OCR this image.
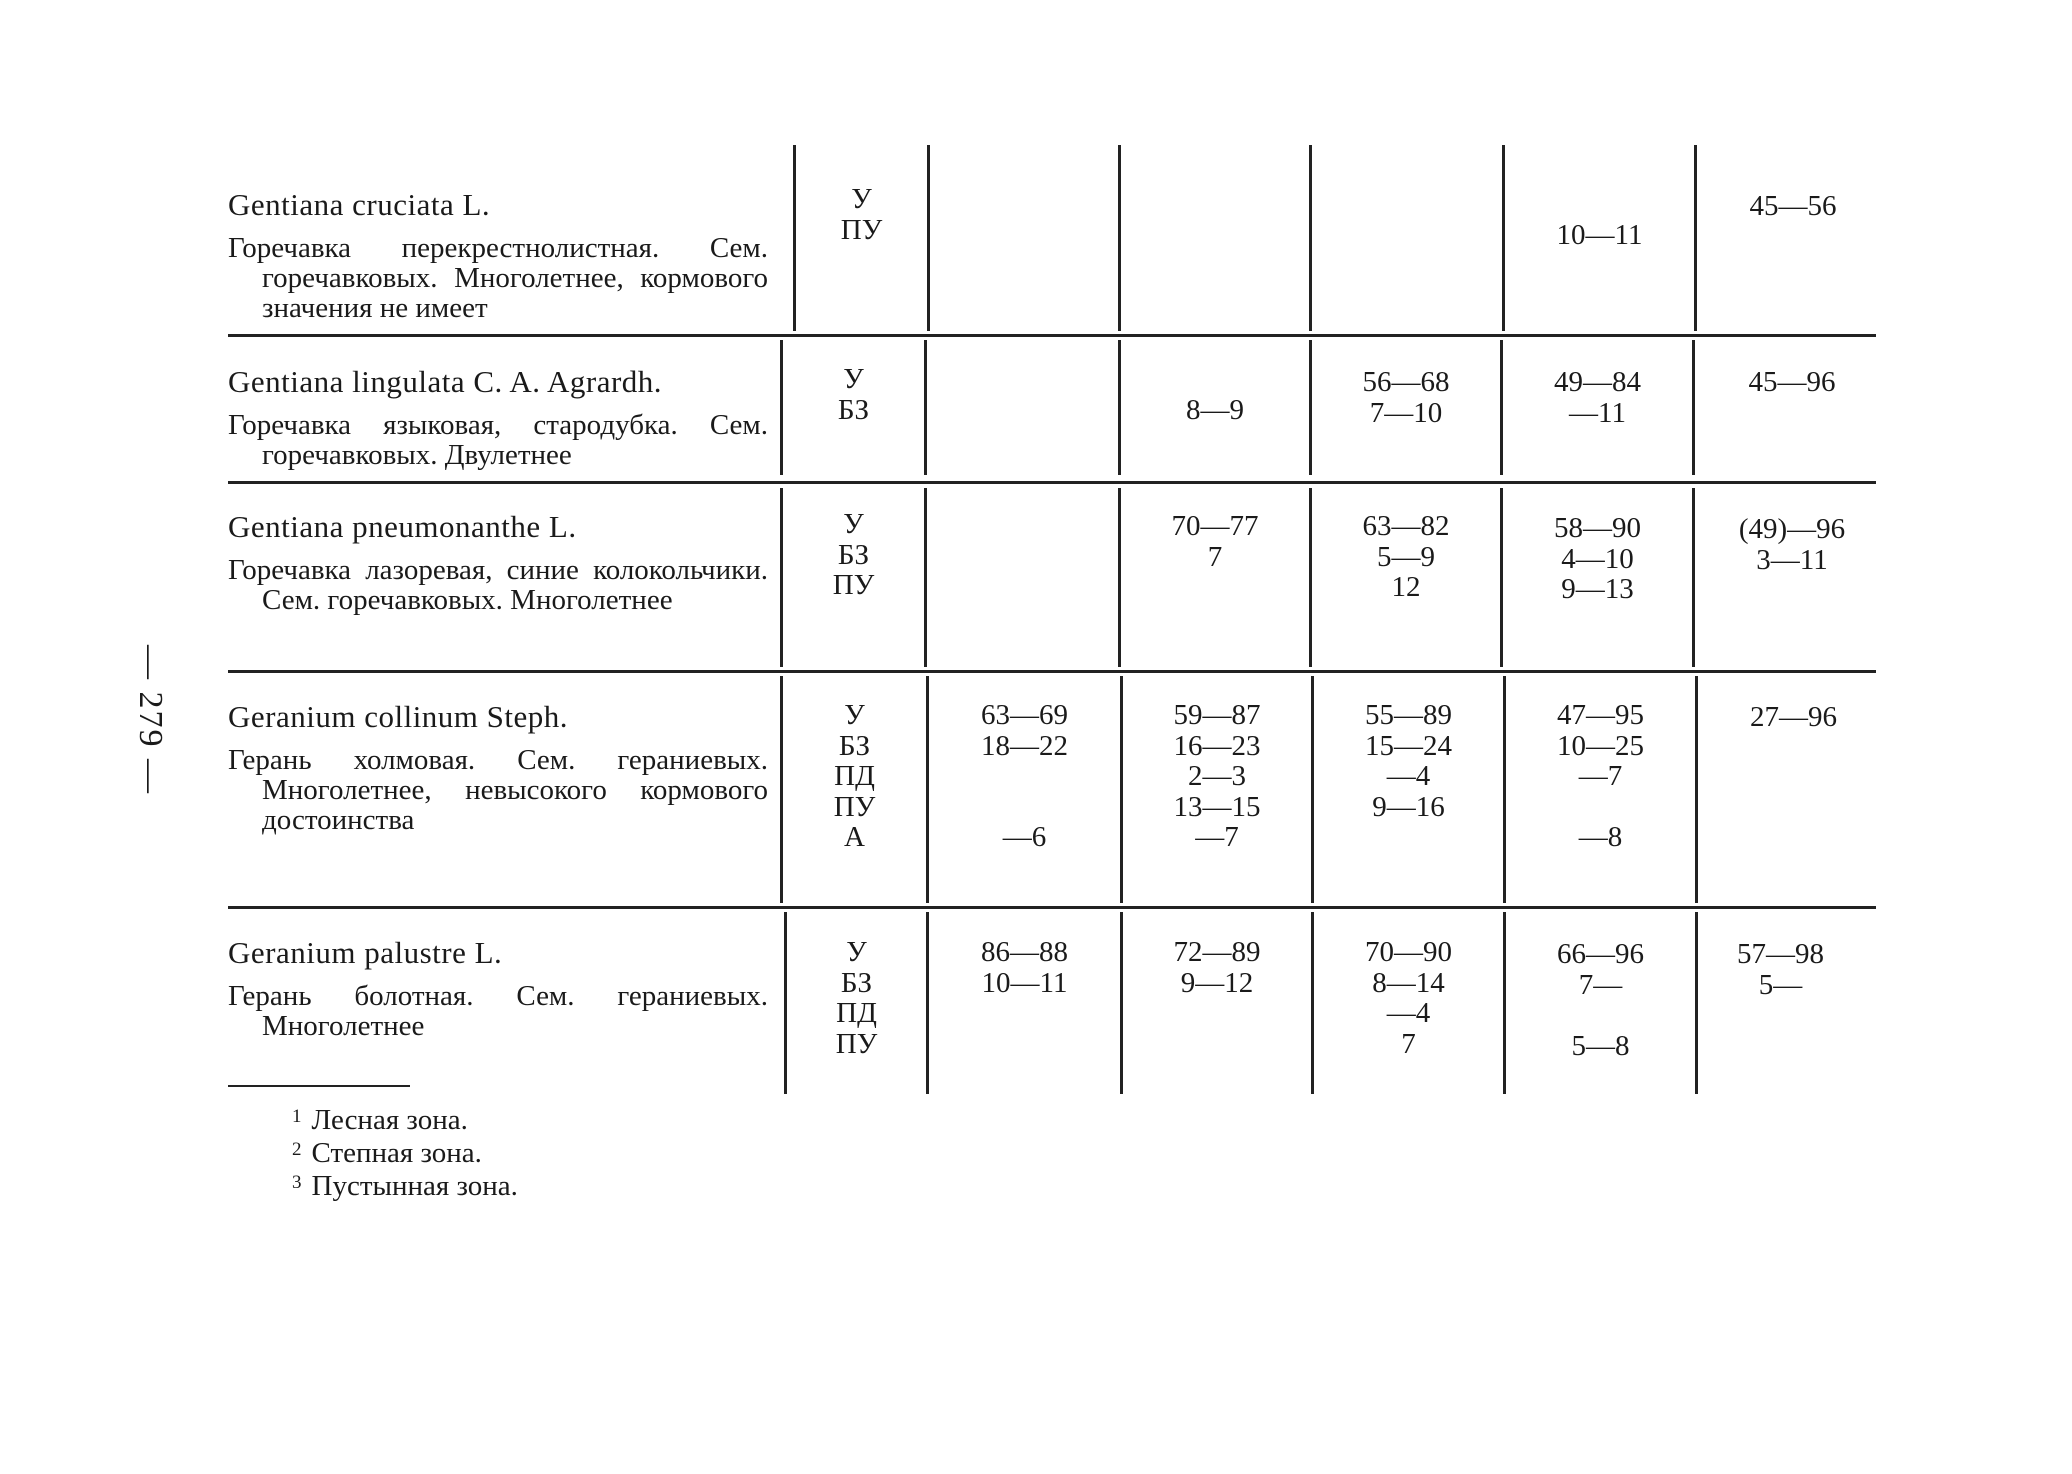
— 279 —
Gentiana cruciata L.
Горечавка перекрестнолистная. Сем. горечавковых. Многолетнее, кормового значения не имеет
У
ПУ	10—11
45—56
Gentiana lingulata C. A. Agrardh.
Горечавка языковая, стародубка. Сем. горечавковых. Двулетнее
У
БЗ	8—9
56—68
7—10
49—84
—11
45—96
Gentiana pneumonanthe L.
Горечавка лазоревая, синие колокольчики. Сем. горечавковых. Многолетнее
У
БЗ
ПУ
70—77
7
63—82
5—9
12
58—90
4—10
9—13
(49)—96
3—11
Geranium collinum Steph.
Герань холмовая. Сем. гераниевых. Многолетнее, невысокого кормового достоинства
У
БЗ
ПД
ПУ
А
63—69
18—22

—6
59—87
16—23
2—3
13—15
—7
55—89
15—24
—4
9—16
47—95
10—25
—7

—8
27—96
Geranium palustre L.
Герань болотная. Сем. гераниевых. Многолетнее
У
БЗ
ПД
ПУ
86—88
10—11
72—89
9—12
70—90
8—14
—4
7
66—96
7—

5—8
57—98
5—
$^1$ Лесная зона.
$^2$ Степная зона.
$^3$ Пустынная зона.
